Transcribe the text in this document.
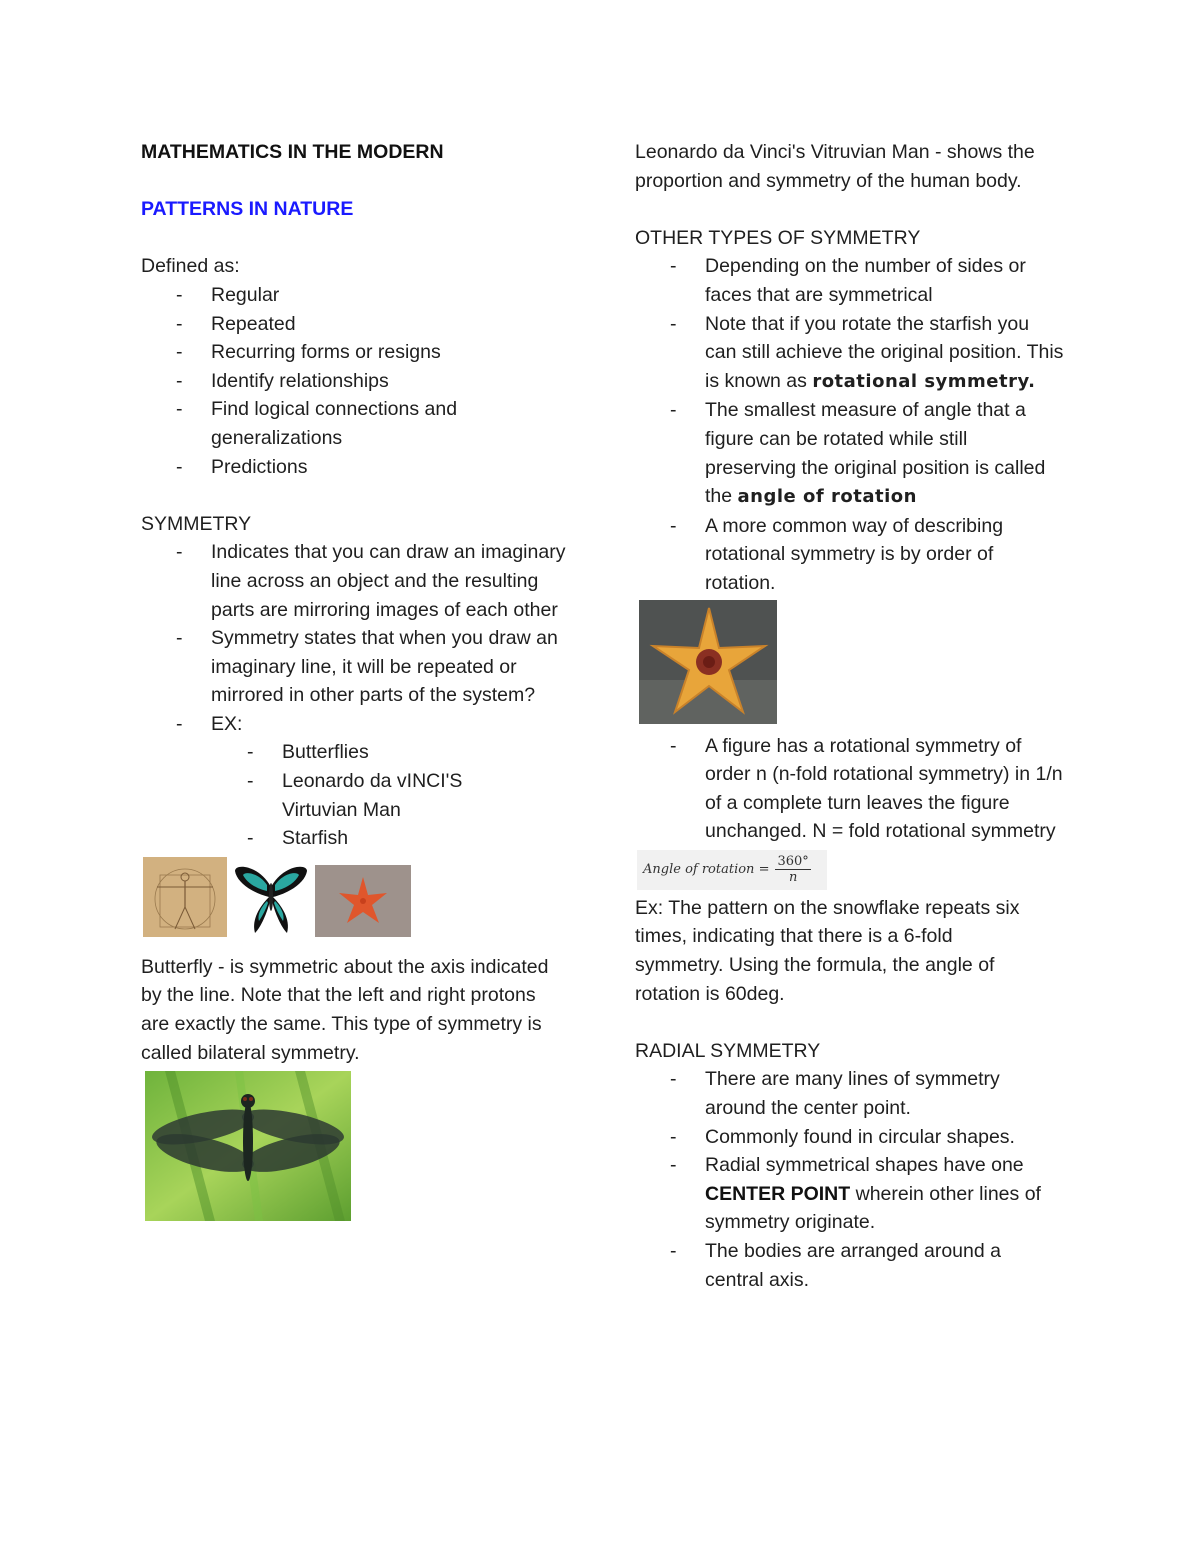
MATHEMATICS IN THE MODERN

PATTERNS IN NATURE

Defined as:

- Regular
- Repeated
- Recurring forms or resigns
- Identify relationships
- Find logical connections and generalizations
- Predictions

SYMMETRY

- Indicates that you can draw an imaginary line across an object and the resulting parts are mirroring images of each other
- Symmetry states that when you draw an imaginary line, it will be repeated or mirrored in other parts of the system?
- EX:
- Butterflies
- Leonardo da vINCI'S Virtuvian Man
- Starfish

Butterfly - is symmetric about the axis indicated by the line. Note that the left and right protons are exactly the same. This type of symmetry is called bilateral symmetry.

Leonardo da Vinci's Vitruvian Man - shows the proportion and symmetry of the human body.

OTHER TYPES OF SYMMETRY

- Depending on the number of sides or faces that are symmetrical
- Note that if you rotate the starfish you can still achieve the original position. This is known as rotational symmetry.
- The smallest measure of angle that a figure can be rotated while still preserving the original position is called the angle of rotation
- A more common way of describing rotational symmetry is by order of rotation.
- A figure has a rotational symmetry of order n (n-fold rotational symmetry) in 1/n of a complete turn leaves the figure unchanged. N = fold rotational symmetry
Angle of rotation = $\frac{360^\circ}{n}$

Ex: The pattern on the snowflake repeats six times, indicating that there is a 6-fold symmetry. Using the formula, the angle of rotation is 60deg.

RADIAL SYMMETRY

- There are many lines of symmetry around the center point.
- Commonly found in circular shapes.
- Radial symmetrical shapes have one CENTER POINT wherein other lines of symmetry originate.
- The bodies are arranged around a central axis.
